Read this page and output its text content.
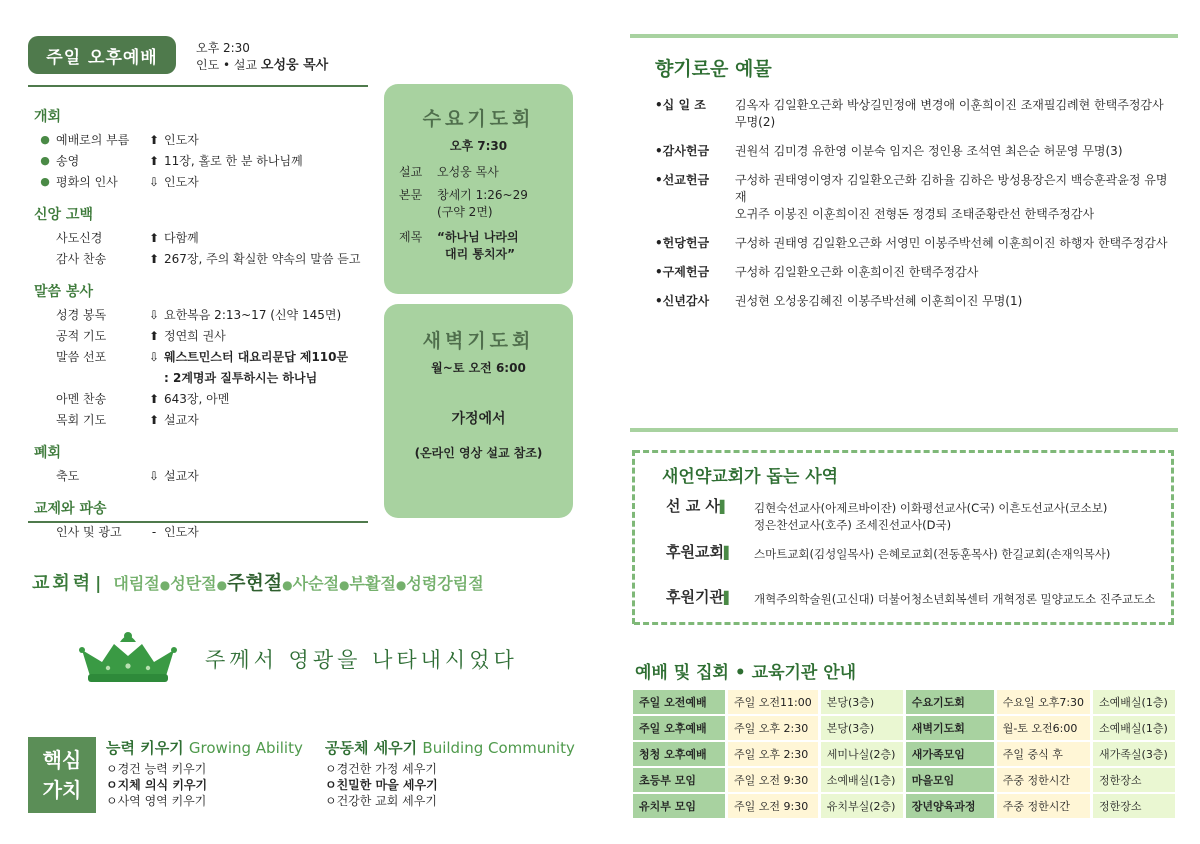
주일 오후예배	오후 2:30
인도 • 설교 오성웅 목사
개회
● 예배로의 부름	⬆ 인도자
● 송영	⬆ 11장, 홀로 한 분 하나님께
● 평화의 인사	⇩ 인도자
신앙 고백
사도신경	⬆ 다함께
감사 찬송	⬆ 267장, 주의 확실한 약속의 말씀 듣고
말씀 봉사
성경 봉독	⇩ 요한복음 2:13~17 (신약 145면)
공적 기도	⬆ 정연희 권사
말씀 선포	⇩ 웨스트민스터 대요리문답 제110문
: 2계명과 질투하시는 하나님
아멘 찬송	⬆ 643장, 아멘
목회 기도	⬆ 설교자
폐회
축도	⇩ 설교자
교제와 파송
인사 및 광고	- 인도자
수요기도회
오후 7:30
설교	오성웅 목사
본문	창세기 1:26~29
(구약 2면)
제목	“하나님 나라의
대리 통치자”
새벽기도회
월~토 오전 6:00
가정에서
(온라인 영상 설교 참조)
교회력 | 대림절●성탄절●주현절●사순절●부활절●성령강림절
주께서 영광을 나타내시었다
핵심
가치
능력 키우기 Growing Ability
ㅇ경건 능력 키우기
ㅇ지체 의식 키우기
ㅇ사역 영역 키우기
공동체 세우기 Building Community
ㅇ경건한 가정 세우기
ㅇ친밀한 마을 세우기
ㅇ건강한 교회 세우기
향기로운 예물
•십 일 조	김옥자 김일환오근화 박상길민정애 변경애 이훈희이진 조재필김례현 한택주정감사
무명(2)
•감사헌금	권원석 김미경 유한영 이분숙 임지은 정인용 조석연 최은순 허문영 무명(3)
•선교헌금	구성하 권태영이영자 김일환오근화 김하율 김하은 방성용장은지 백승훈곽윤정 유명재
오귀주 이봉진 이훈희이진 전형돈 정경퇴 조태준황란선 한택주정감사
•헌당헌금	구성하 권태영 김일환오근화 서영민 이봉주박선혜 이훈희이진 하행자 한택주정감사
•구제헌금	구성하 김일환오근화 이훈희이진 한택주정감사
•신년감사	권성현 오성웅김혜진 이봉주박선혜 이훈희이진 무명(1)
새언약교회가 돕는 사역
선 교 사▌	김현숙선교사(아제르바이잔) 이화평선교사(C국) 이흔도선교사(코소보)
정은찬선교사(호주) 조세진선교사(D국)
후원교회▌	스마트교회(김성일목사) 은혜로교회(전동훈목사) 한길교회(손재익목사)
후원기관▌	개혁주의학술원(고신대) 더불어청소년회복센터 개혁정론 밀양교도소 진주교도소
예배 및 집회 • 교육기관 안내
주일 오전예배	주일 오전11:00	본당(3층)	수요기도회	수요일 오후7:30	소예배실(1층)
주일 오후예배	주일 오후 2:30	본당(3층)	새벽기도회	월-토 오전6:00	소예배실(1층)
청청 오후예배	주일 오후 2:30	세미나실(2층)	새가족모임	주일 중식 후	새가족실(3층)
초등부 모임	주일 오전 9:30	소예배실(1층)	마을모임	주중 정한시간	정한장소
유치부 모임	주일 오전 9:30	유치부실(2층)	장년양육과정	주중 정한시간	정한장소
